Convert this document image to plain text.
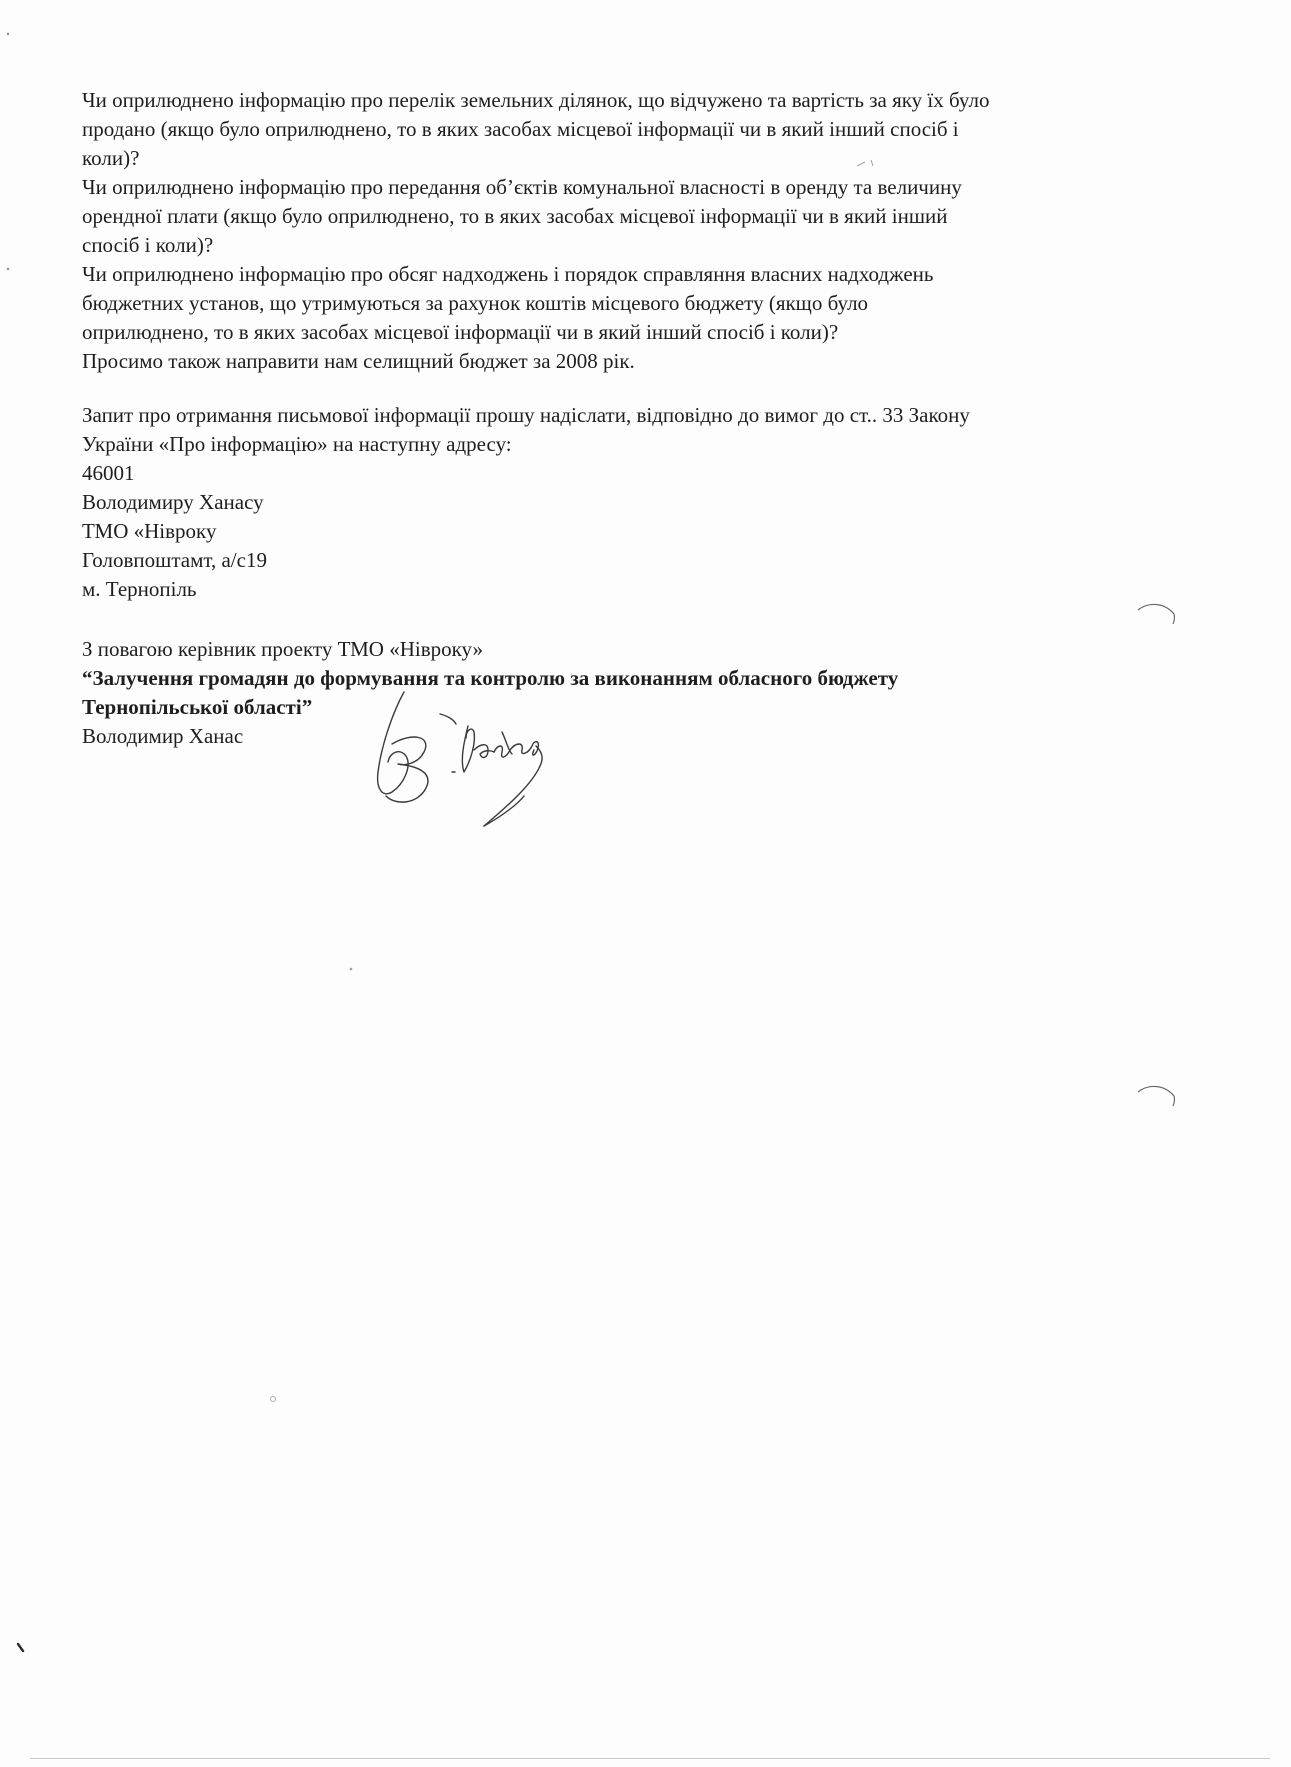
Чи оприлюднено інформацію про перелік земельних ділянок, що відчужено та вартість за яку їх було
продано (якщо було оприлюднено, то в яких засобах місцевої інформації чи в який інший спосіб і
коли)?
Чи оприлюднено інформацію про передання об’єктів комунальної власності в оренду та величину
орендної плати (якщо було оприлюднено, то в яких засобах місцевої інформації чи в який інший
спосіб і коли)?
Чи оприлюднено інформацію про обсяг надходжень і порядок справляння власних надходжень
бюджетних установ, що утримуються за рахунок коштів місцевого бюджету (якщо було
оприлюднено, то в яких засобах місцевої інформації чи в який інший спосіб і коли)?
Просимо також направити нам селищний бюджет за 2008 рік.
Запит про отримання письмової інформації прошу надіслати, відповідно до вимог до ст.. 33 Закону
України «Про інформацію» на наступну адресу:
46001
Володимиру Ханасу
ТМО «Нівроку
Головпоштамт, а/с19
м. Тернопіль
З повагою керівник проекту ТМО «Нівроку»
“Залучення громадян до формування та контролю за виконанням обласного бюджету
Тернопільської області”
Володимир Ханас
